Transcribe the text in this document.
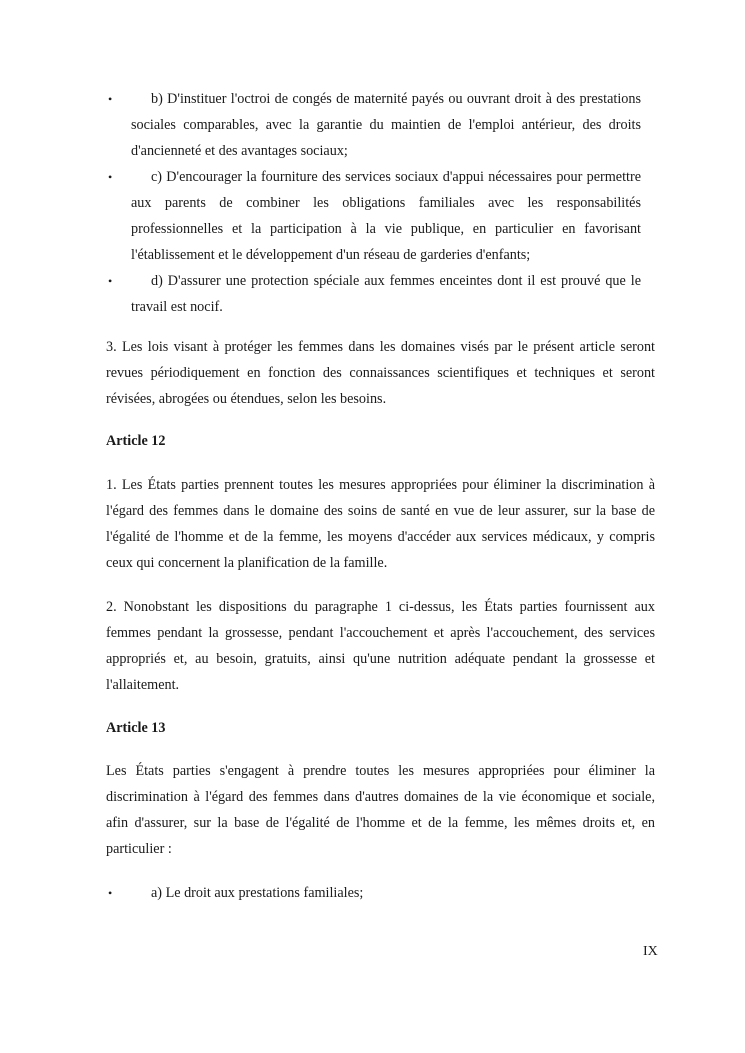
•	b) D'instituer l'octroi de congés de maternité payés ou ouvrant droit à des prestations sociales comparables, avec la garantie du maintien de l'emploi antérieur, des droits d'ancienneté et des avantages sociaux;
•	c) D'encourager la fourniture des services sociaux d'appui nécessaires pour permettre aux parents de combiner les obligations familiales avec les responsabilités professionnelles et la participation à la vie publique, en particulier en favorisant l'établissement et le développement d'un réseau de garderies d'enfants;
•	d) D'assurer une protection spéciale aux femmes enceintes dont il est prouvé que le travail est nocif.

3. Les lois visant à protéger les femmes dans les domaines visés par le présent article seront revues périodiquement en fonction des connaissances scientifiques et techniques et seront révisées, abrogées ou étendues, selon les besoins.

Article 12

1. Les États parties prennent toutes les mesures appropriées pour éliminer la discrimination à l'égard des femmes dans le domaine des soins de santé en vue de leur assurer, sur la base de l'égalité de l'homme et de la femme, les moyens d'accéder aux services médicaux, y compris ceux qui concernent la planification de la famille.

2. Nonobstant les dispositions du paragraphe 1 ci-dessus, les États parties fournissent aux femmes pendant la grossesse, pendant l'accouchement et après l'accouchement, des services appropriés et, au besoin, gratuits, ainsi qu'une nutrition adéquate pendant la grossesse et l'allaitement.

Article 13

Les États parties s'engagent à prendre toutes les mesures appropriées pour éliminer la discrimination à l'égard des femmes dans d'autres domaines de la vie économique et sociale, afin d'assurer, sur la base de l'égalité de l'homme et de la femme, les mêmes droits et, en particulier :

•	a) Le droit aux prestations familiales;
IX
